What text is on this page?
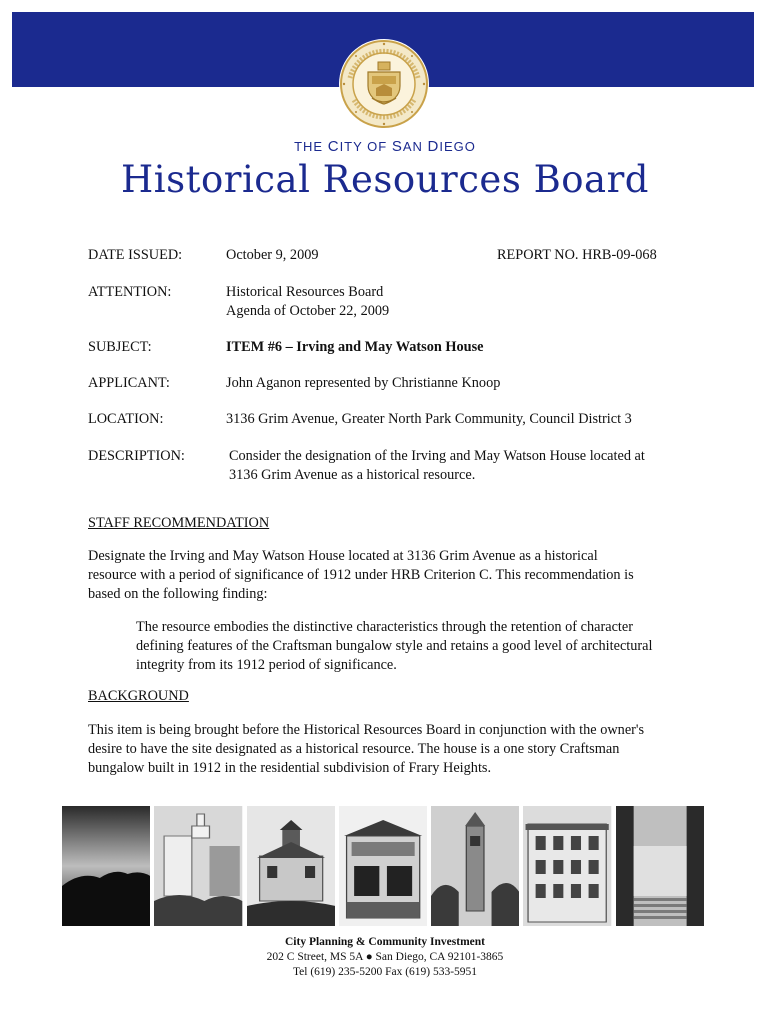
THE CITY OF SAN DIEGO
Historical Resources Board
DATE ISSUED:	October 9, 2009	REPORT NO. HRB-09-068
ATTENTION:	Historical Resources Board
Agenda of October 22, 2009
SUBJECT:	ITEM #6 – Irving and May Watson House
APPLICANT:	John Aganon represented by Christianne Knoop
LOCATION:	3136 Grim Avenue, Greater North Park Community, Council District 3
DESCRIPTION:	Consider the designation of the Irving and May Watson House located at
3136 Grim Avenue as a historical resource.
STAFF RECOMMENDATION
Designate the Irving and May Watson House located at 3136 Grim Avenue as a historical
resource with a period of significance of 1912 under HRB Criterion C. This recommendation is
based on the following finding:
The resource embodies the distinctive characteristics through the retention of character
defining features of the Craftsman bungalow style and retains a good level of architectural
integrity from its 1912 period of significance.
BACKGROUND
This item is being brought before the Historical Resources Board in conjunction with the owner's
desire to have the site designated as a historical resource. The house is a one story Craftsman
bungalow built in 1912 in the residential subdivision of Frary Heights.
City Planning & Community Investment
202 C Street, MS 5A ● San Diego, CA 92101-3865
Tel (619) 235-5200 Fax (619) 533-5951
